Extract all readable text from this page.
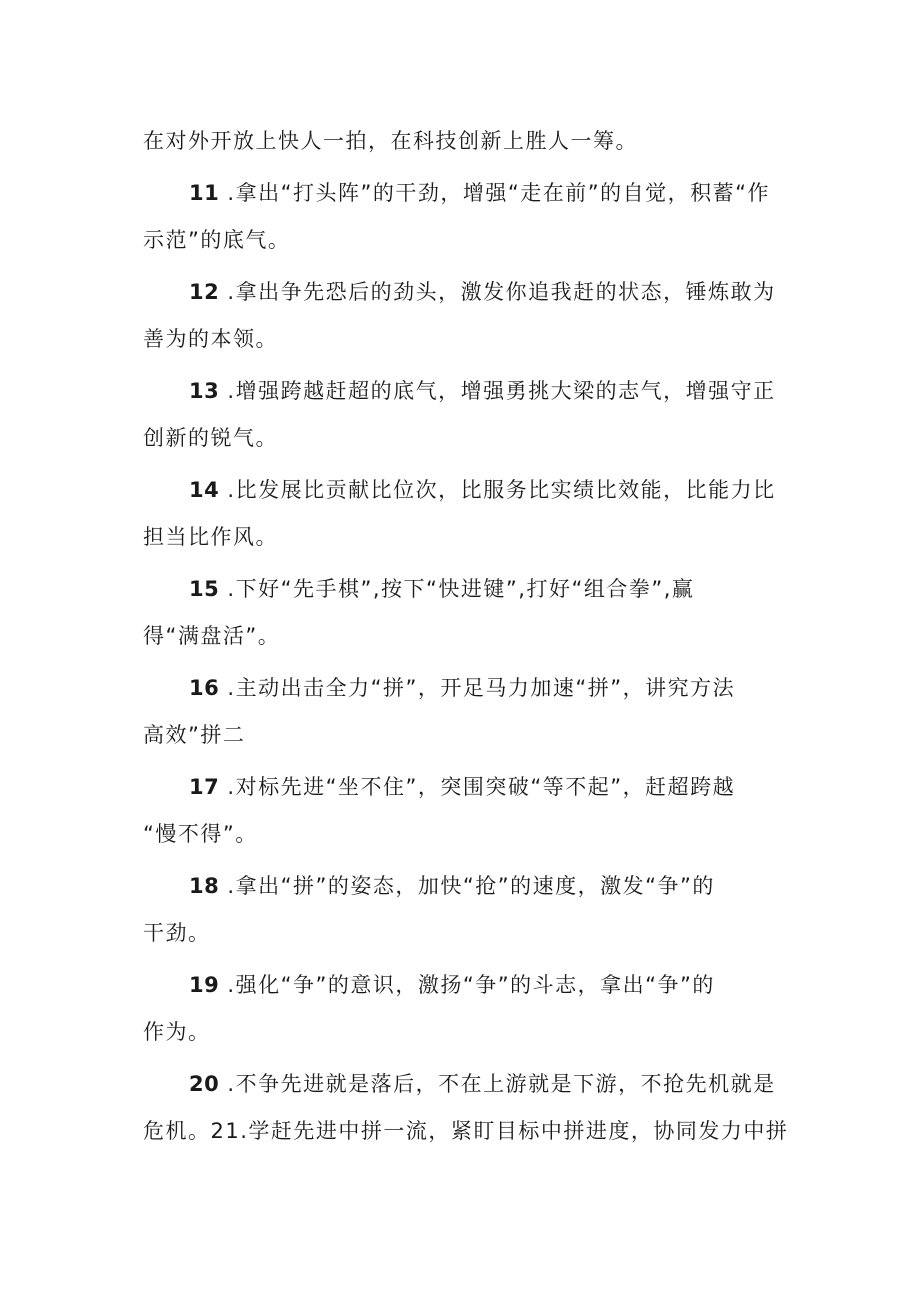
在对外开放上快人一拍，在科技创新上胜人一筹。
11 .拿出“打头阵”的干劲，增强“走在前”的自觉，积蓄“作
示范”的底气。
12 .拿出争先恐后的劲头，激发你追我赶的状态，锤炼敢为
善为的本领。
13 .增强跨越赶超的底气，增强勇挑大梁的志气，增强守正
创新的锐气。
14 .比发展比贡献比位次，比服务比实绩比效能，比能力比
担当比作风。
15 .下好“先手棋”,按下“快进键”,打好“组合拳”,赢
得“满盘活”。
16 .主动出击全力“拼”，开足马力加速“拼”，讲究方法
高效”拼二
17 .对标先进“坐不住”，突围突破“等不起”，赶超跨越
“慢不得”。
18 .拿出“拼”的姿态，加快“抢”的速度，激发“争”的
干劲。
19 .强化“争”的意识，激扬“争”的斗志，拿出“争”的
作为。
20 .不争先进就是落后，不在上游就是下游，不抢先机就是
危机。21.学赶先进中拼一流，紧盯目标中拼进度，协同发力中拼
